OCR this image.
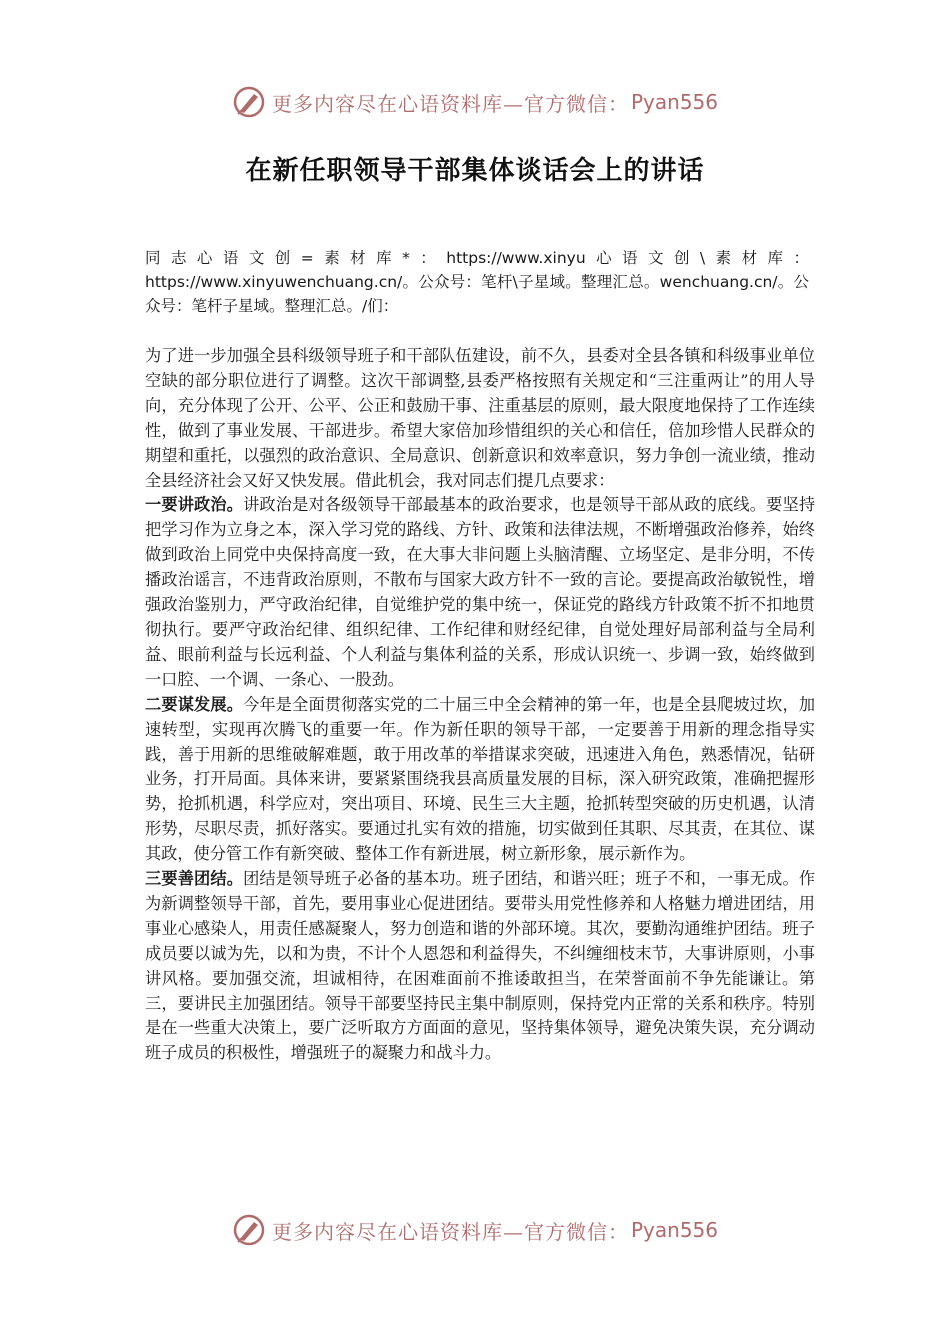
更多内容尽在心语资料库—官方微信： Pyan556
在新任职领导干部集体谈话会上的讲话
同志心语文创=素材库*：https://www.xinyu心语文创\素材库：https://www.xinyuwenchuang.cn/。公众号：笔杆\子星域。整理汇总。wenchuang.cn/。公众号：笔杆子星域。整理汇总。/们：

为了进一步加强全县科级领导班子和干部队伍建设，前不久，县委对全县各镇和科级事业单位空缺的部分职位进行了调整。这次干部调整,县委严格按照有关规定和“三注重两让”的用人导向，充分体现了公开、公平、公正和鼓励干事、注重基层的原则，最大限度地保持了工作连续性，做到了事业发展、干部进步。希望大家倍加珍惜组织的关心和信任，倍加珍惜人民群众的期望和重托，以强烈的政治意识、全局意识、创新意识和效率意识，努力争创一流业绩，推动全县经济社会又好又快发展。借此机会，我对同志们提几点要求：

一要讲政治。讲政治是对各级领导干部最基本的政治要求，也是领导干部从政的底线。要坚持把学习作为立身之本，深入学习党的路线、方针、政策和法律法规，不断增强政治修养，始终做到政治上同党中央保持高度一致，在大事大非问题上头脑清醒、立场坚定、是非分明，不传播政治谣言，不违背政治原则，不散布与国家大政方针不一致的言论。要提高政治敏锐性，增强政治鉴别力，严守政治纪律，自觉维护党的集中统一，保证党的路线方针政策不折不扣地贯彻执行。要严守政治纪律、组织纪律、工作纪律和财经纪律，自觉处理好局部利益与全局利益、眼前利益与长远利益、个人利益与集体利益的关系，形成认识统一、步调一致，始终做到一口腔、一个调、一条心、一股劲。

二要谋发展。今年是全面贯彻落实党的二十届三中全会精神的第一年，也是全县爬坡过坎，加速转型，实现再次腾飞的重要一年。作为新任职的领导干部，一定要善于用新的理念指导实践，善于用新的思维破解难题，敢于用改革的举措谋求突破，迅速进入角色，熟悉情况，钻研业务，打开局面。具体来讲，要紧紧围绕我县高质量发展的目标，深入研究政策，准确把握形势，抢抓机遇，科学应对，突出项目、环境、民生三大主题，抢抓转型突破的历史机遇，认清形势，尽职尽责，抓好落实。要通过扎实有效的措施，切实做到任其职、尽其责，在其位、谋其政，使分管工作有新突破、整体工作有新进展，树立新形象，展示新作为。

三要善团结。团结是领导班子必备的基本功。班子团结，和谐兴旺；班子不和，一事无成。作为新调整领导干部，首先，要用事业心促进团结。要带头用党性修养和人格魅力增进团结，用事业心感染人，用责任感凝聚人，努力创造和谐的外部环境。其次，要勤沟通维护团结。班子成员要以诚为先，以和为贵，不计个人恩怨和利益得失，不纠缠细枝末节，大事讲原则，小事讲风格。要加强交流，坦诚相待，在困难面前不推诿敢担当，在荣誉面前不争先能谦让。第三，要讲民主加强团结。领导干部要坚持民主集中制原则，保持党内正常的关系和秩序。特别是在一些重大决策上，要广泛听取方方面面的意见，坚持集体领导，避免决策失误，充分调动班子成员的积极性，增强班子的凝聚力和战斗力。

更多内容尽在心语资料库—官方微信： Pyan556
